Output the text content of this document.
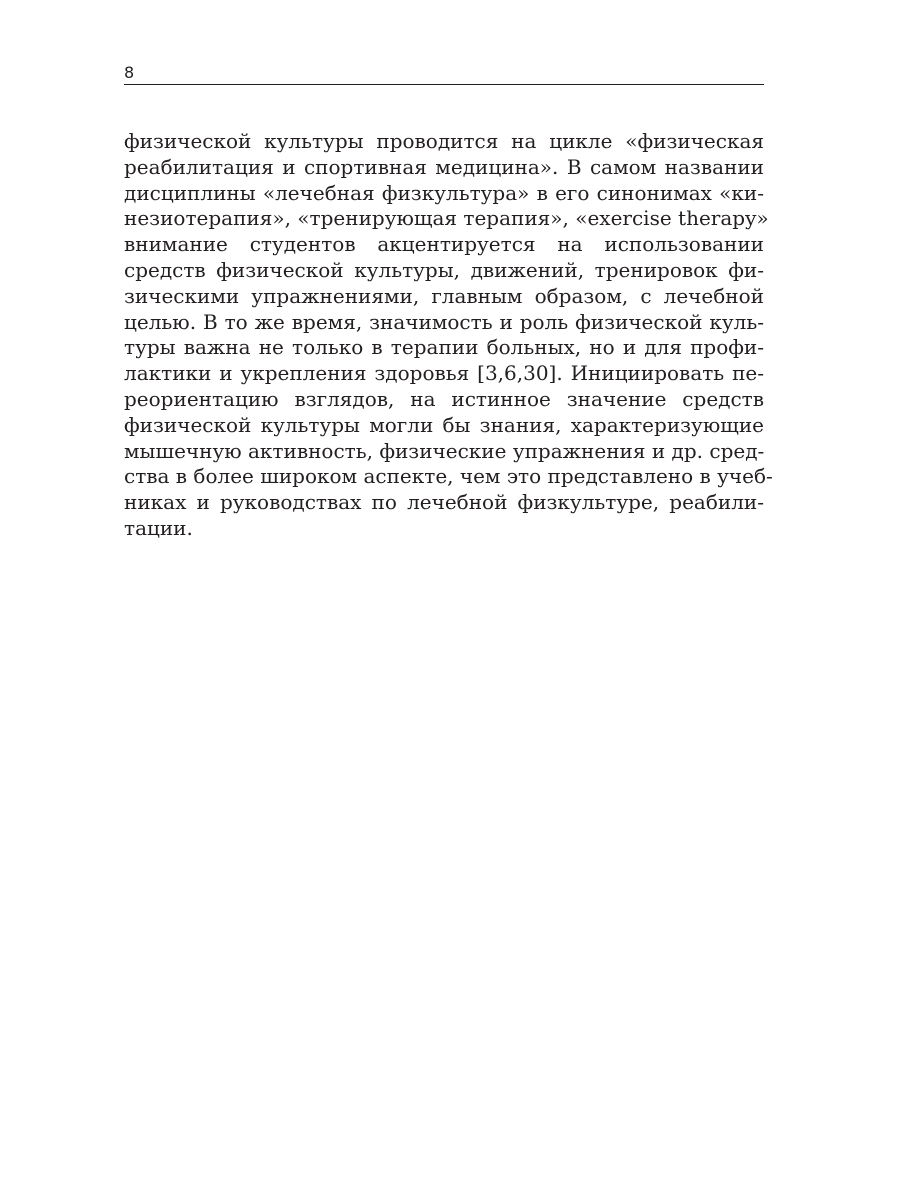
8
физической культуры проводится на цикле «физическая
реабилитация и спортивная медицина». В самом названии
дисциплины «лечебная физкультура» в его синонимах «ки-
незиотерапия», «тренирующая терапия», «exercise therapy»
внимание студентов акцентируется на использовании
средств физической культуры, движений, тренировок фи-
зическими упражнениями, главным образом, с лечебной
целью. В то же время, значимость и роль физической куль-
туры важна не только в терапии больных, но и для профи-
лактики и укрепления здоровья [3,6,30]. Инициировать пе-
реориентацию взглядов, на истинное значение средств
физической культуры могли бы знания, характеризующие
мышечную активность, физические упражнения и др. сред-
ства в более широком аспекте, чем это представлено в учеб-
никах и руководствах по лечебной физкультуре, реабили-
тации.
